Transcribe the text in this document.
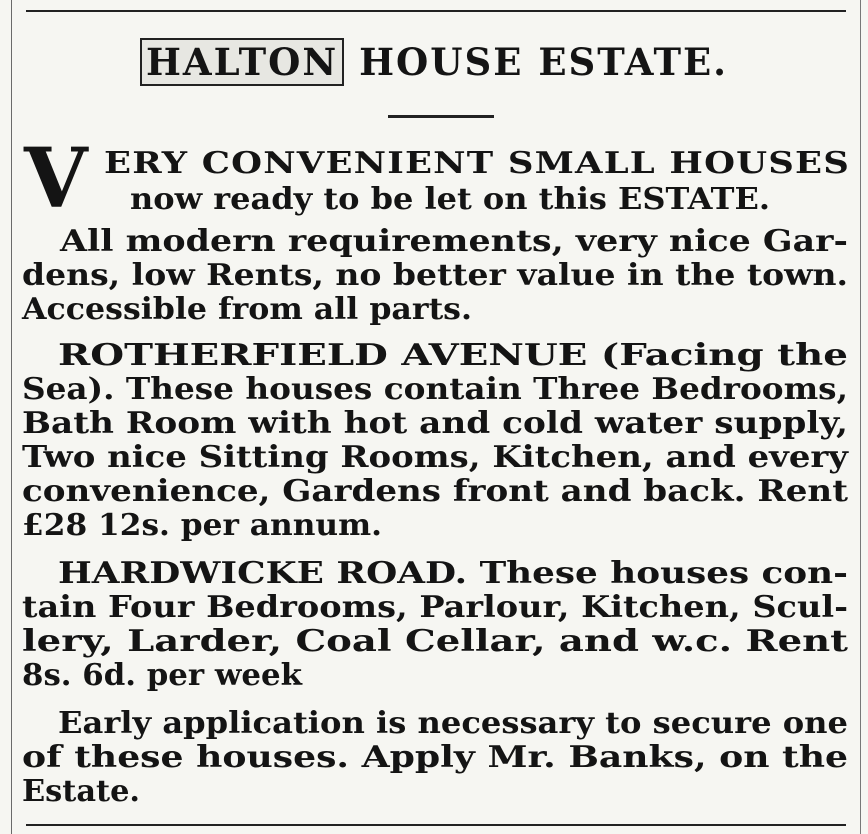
HALTON HOUSE ESTATE.
V ERY CONVENIENT SMALL HOUSES
now ready to be let on this ESTATE.
All modern requirements, very nice Gar-
dens, low Rents, no better value in the town.
Accessible from all parts.
ROTHERFIELD AVENUE (Facing the
Sea). These houses contain Three Bedrooms,
Bath Room with hot and cold water supply,
Two nice Sitting Rooms, Kitchen, and every
convenience, Gardens front and back. Rent
£28 12s. per annum.
HARDWICKE ROAD. These houses con-
tain Four Bedrooms, Parlour, Kitchen, Scul-
lery, Larder, Coal Cellar, and w.c. Rent
8s. 6d. per week
Early application is necessary to secure one
of these houses. Apply Mr. Banks, on the
Estate.
